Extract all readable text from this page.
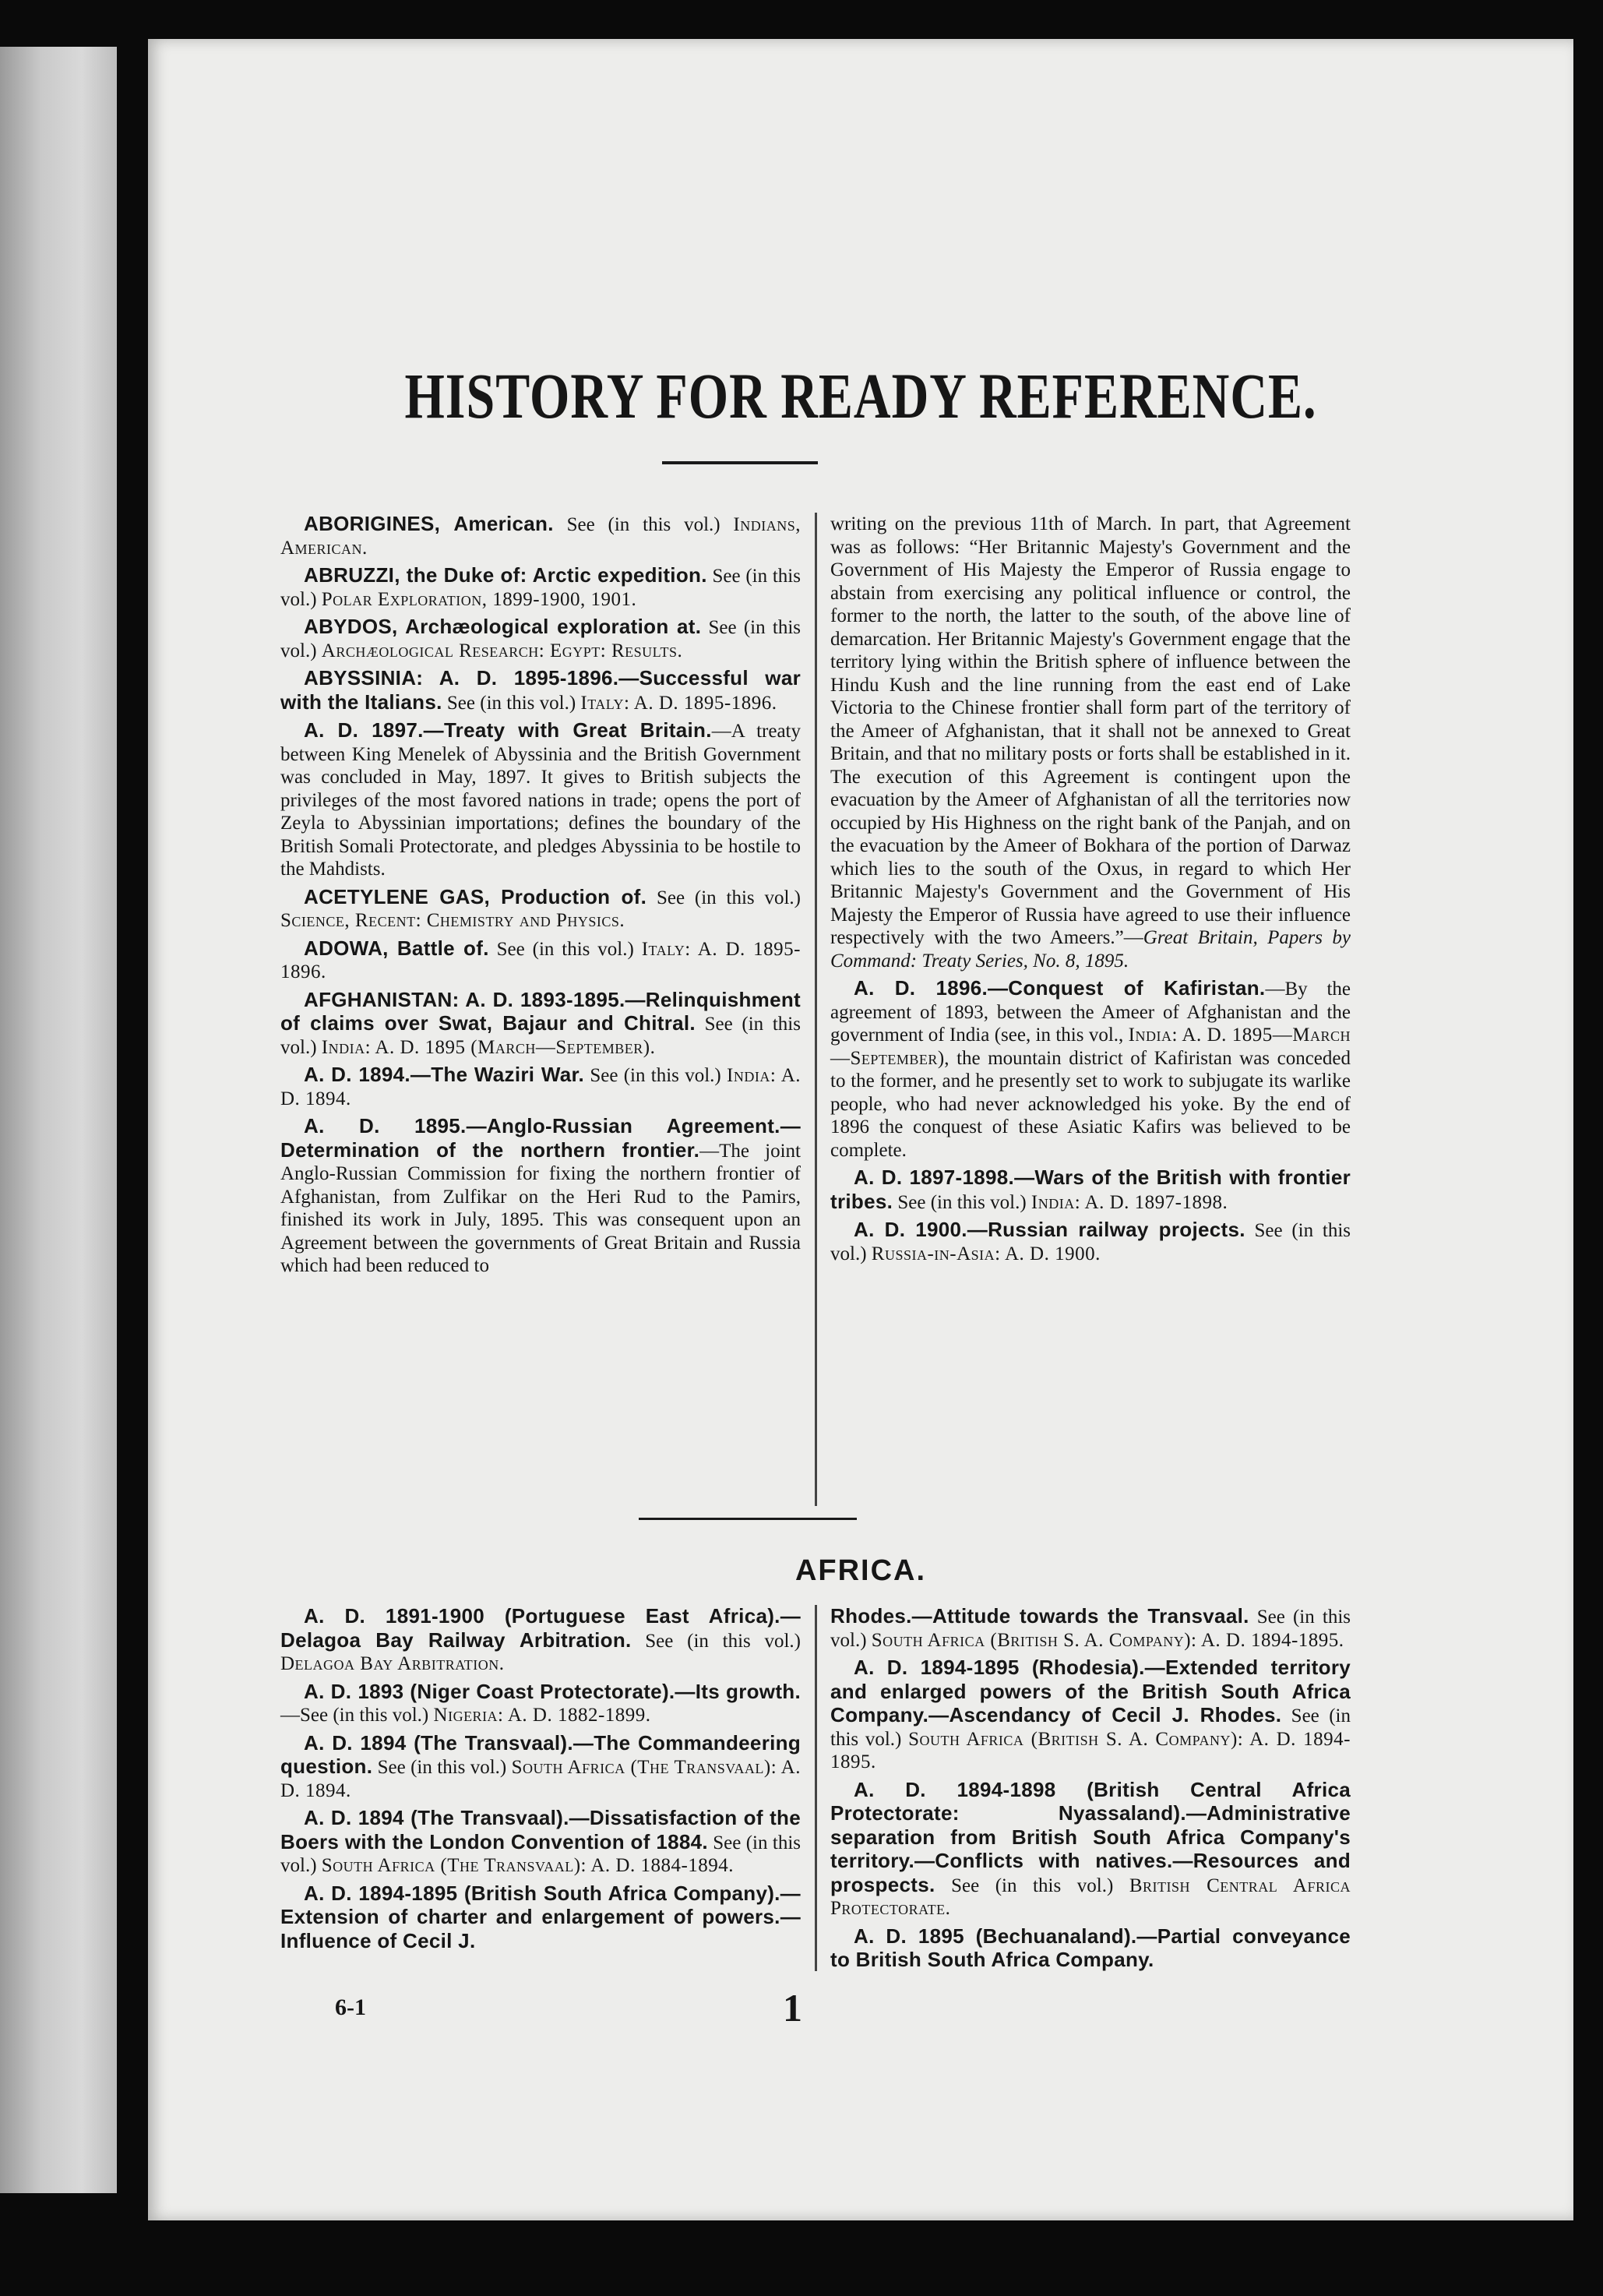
HISTORY FOR READY REFERENCE.

ABORIGINES, American. See (in this vol.) Indians, American.

ABRUZZI, the Duke of: Arctic expedition. See (in this vol.) Polar Exploration, 1899-1900, 1901.

ABYDOS, Archæological exploration at. See (in this vol.) Archæological Research: Egypt: Results.

ABYSSINIA: A. D. 1895-1896.—Successful war with the Italians. See (in this vol.) Italy: A. D. 1895-1896.

A. D. 1897.—Treaty with Great Britain.—A treaty between King Menelek of Abyssinia and the British Government was concluded in May, 1897. It gives to British subjects the privileges of the most favored nations in trade; opens the port of Zeyla to Abyssinian importations; defines the boundary of the British Somali Protectorate, and pledges Abyssinia to be hostile to the Mahdists.

ACETYLENE GAS, Production of. See (in this vol.) Science, Recent: Chemistry and Physics.

ADOWA, Battle of. See (in this vol.) Italy: A. D. 1895-1896.

AFGHANISTAN: A. D. 1893-1895.—Relinquishment of claims over Swat, Bajaur and Chitral. See (in this vol.) India: A. D. 1895 (March—September).

A. D. 1894.—The Waziri War. See (in this vol.) India: A. D. 1894.

A. D. 1895.—Anglo-Russian Agreement.—Determination of the northern frontier.—The joint Anglo-Russian Commission for fixing the northern frontier of Afghanistan, from Zulfikar on the Heri Rud to the Pamirs, finished its work in July, 1895. This was consequent upon an Agreement between the governments of Great Britain and Russia which had been reduced to

writing on the previous 11th of March. In part, that Agreement was as follows: “Her Britannic Majesty's Government and the Government of His Majesty the Emperor of Russia engage to abstain from exercising any political influence or control, the former to the north, the latter to the south, of the above line of demarcation. Her Britannic Majesty's Government engage that the territory lying within the British sphere of influence between the Hindu Kush and the line running from the east end of Lake Victoria to the Chinese frontier shall form part of the territory of the Ameer of Afghanistan, that it shall not be annexed to Great Britain, and that no military posts or forts shall be established in it. The execution of this Agreement is contingent upon the evacuation by the Ameer of Afghanistan of all the territories now occupied by His Highness on the right bank of the Panjah, and on the evacuation by the Ameer of Bokhara of the portion of Darwaz which lies to the south of the Oxus, in regard to which Her Britannic Majesty's Government and the Government of His Majesty the Emperor of Russia have agreed to use their influence respectively with the two Ameers.”—Great Britain, Papers by Command: Treaty Series, No. 8, 1895.

A. D. 1896.—Conquest of Kafiristan.—By the agreement of 1893, between the Ameer of Afghanistan and the government of India (see, in this vol., India: A. D. 1895—March—September), the mountain district of Kafiristan was conceded to the former, and he presently set to work to subjugate its warlike people, who had never acknowledged his yoke. By the end of 1896 the conquest of these Asiatic Kafirs was believed to be complete.

A. D. 1897-1898.—Wars of the British with frontier tribes. See (in this vol.) India: A. D. 1897-1898.

A. D. 1900.—Russian railway projects. See (in this vol.) Russia-in-Asia: A. D. 1900.

AFRICA.

A. D. 1891-1900 (Portuguese East Africa).—Delagoa Bay Railway Arbitration. See (in this vol.) Delagoa Bay Arbitration.

A. D. 1893 (Niger Coast Protectorate).—Its growth.—See (in this vol.) Nigeria: A. D. 1882-1899.

A. D. 1894 (The Transvaal).—The Commandeering question. See (in this vol.) South Africa (The Transvaal): A. D. 1894.

A. D. 1894 (The Transvaal).—Dissatisfaction of the Boers with the London Convention of 1884. See (in this vol.) South Africa (The Transvaal): A. D. 1884-1894.

A. D. 1894-1895 (British South Africa Company).—Extension of charter and enlargement of powers.—Influence of Cecil J.

Rhodes.—Attitude towards the Transvaal. See (in this vol.) South Africa (British S. A. Company): A. D. 1894-1895.

A. D. 1894-1895 (Rhodesia).—Extended territory and enlarged powers of the British South Africa Company.—Ascendancy of Cecil J. Rhodes. See (in this vol.) South Africa (British S. A. Company): A. D. 1894-1895.

A. D. 1894-1898 (British Central Africa Protectorate: Nyassaland).—Administrative separation from British South Africa Company's territory.—Conflicts with natives.—Resources and prospects. See (in this vol.) British Central Africa Protectorate.

A. D. 1895 (Bechuanaland).—Partial conveyance to British South Africa Company.

6-1	1
